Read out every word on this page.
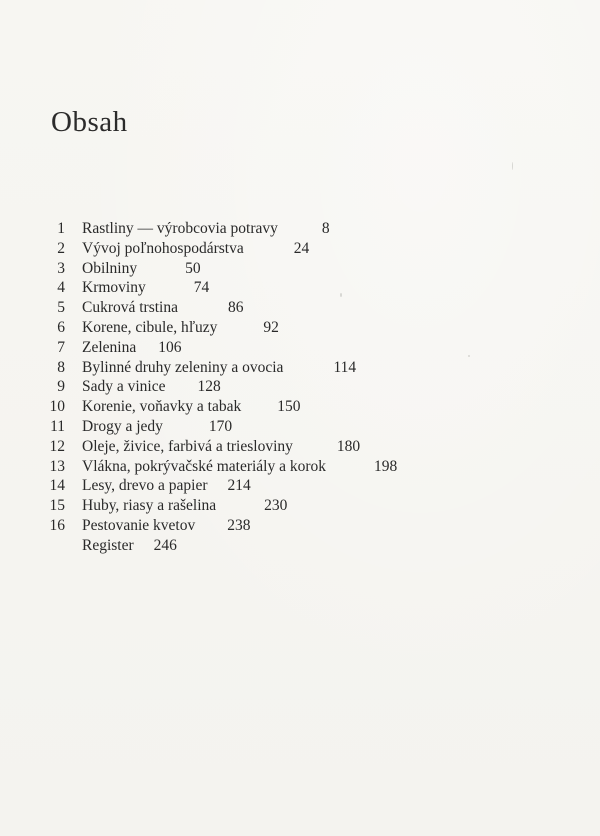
Obsah
1 Rastliny — výrobcovia potravy	8
2 Vývoj poľnohospodárstva	24
3 Obilniny	50
4 Krmoviny	74
5 Cukrová trstina	86
6 Korene, cibule, hľuzy	92
7 Zelenina 106
8 Bylinné druhy zeleniny a ovocia	114
9 Sady a vinice 128
10 Korenie, voňavky a tabak 150
11 Drogy a jedy	170
12 Oleje, živice, farbivá a triesloviny	180
13 Vlákna, pokrývačské materiály a korok	198
14 Lesy, drevo a papier 214
15 Huby, riasy a rašelina	230
16 Pestovanie kvetov 238
Register 246
